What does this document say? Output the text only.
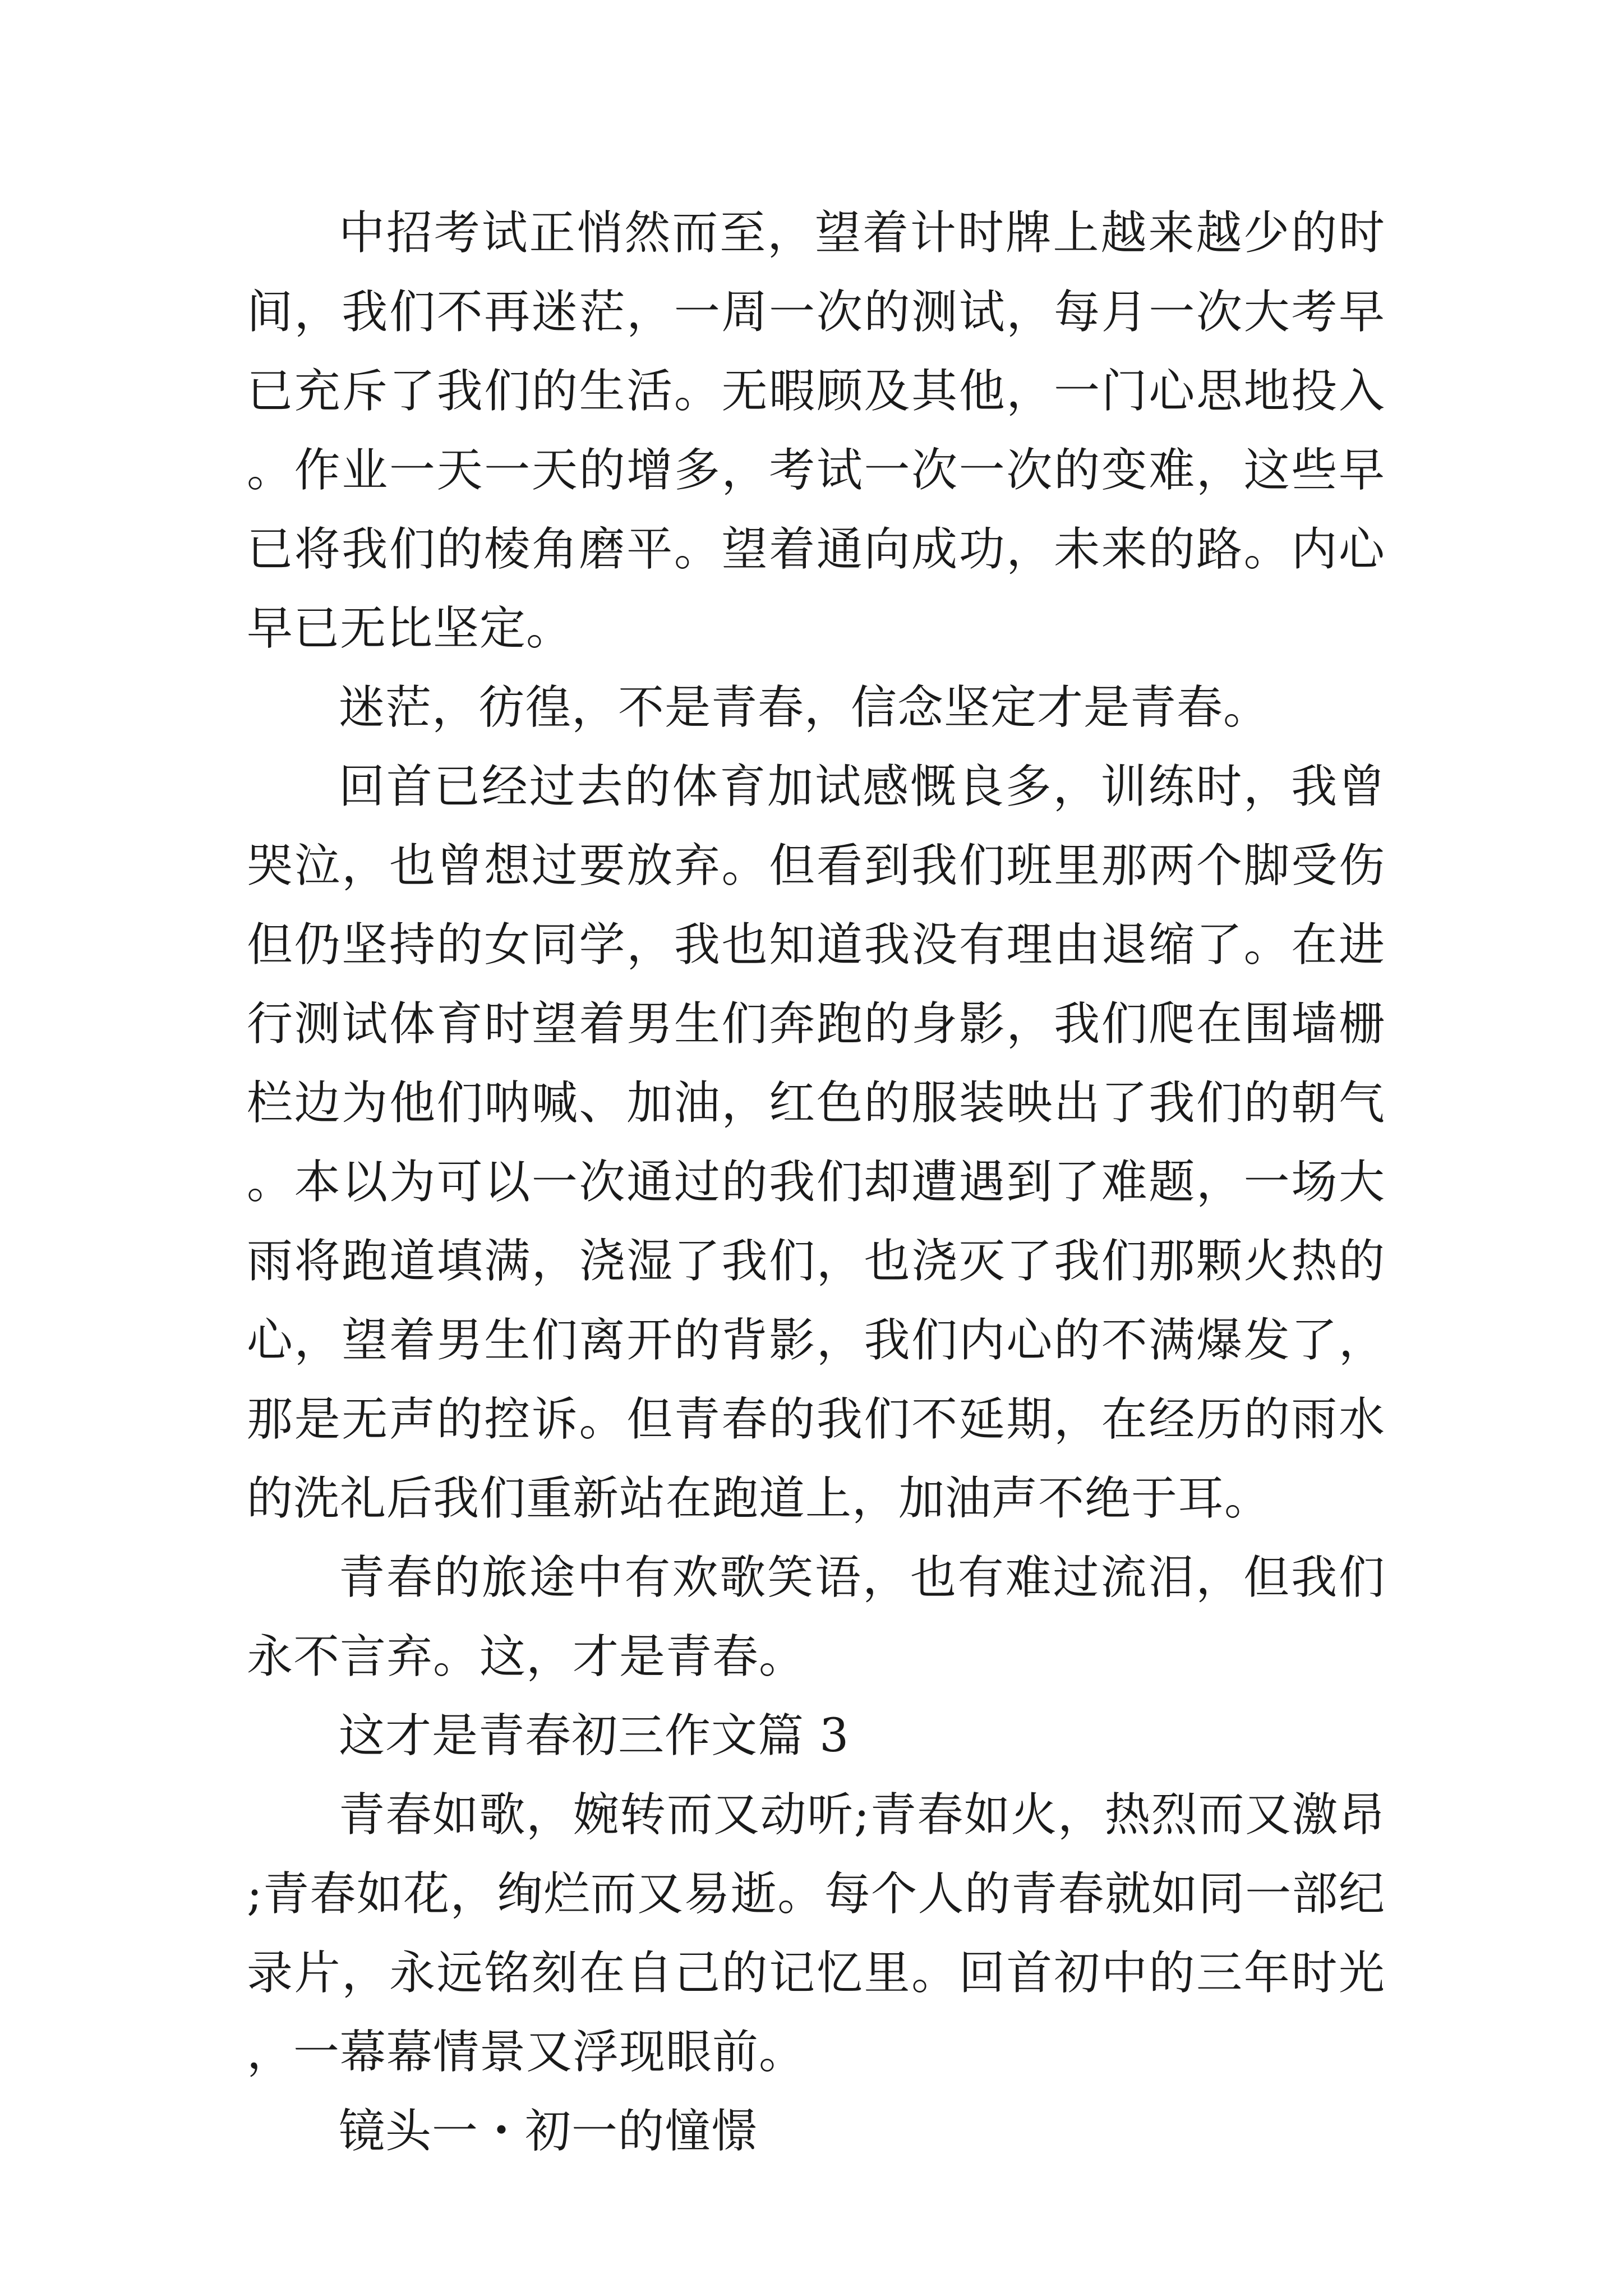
中招考试正悄然而至，望着计时牌上越来越少的时间，我们不再迷茫，一周一次的测试，每月一次大考早已充斥了我们的生活。无暇顾及其他，一门心思地投入。作业一天一天的增多，考试一次一次的变难，这些早已将我们的棱角磨平。望着通向成功，未来的路。内心早已无比坚定。

迷茫，彷徨，不是青春，信念坚定才是青春。

回首已经过去的体育加试感慨良多，训练时，我曾哭泣，也曾想过要放弃。但看到我们班里那两个脚受伤但仍坚持的女同学，我也知道我没有理由退缩了。在进行测试体育时望着男生们奔跑的身影，我们爬在围墙栅栏边为他们呐喊、加油，红色的服装映出了我们的朝气。本以为可以一次通过的我们却遭遇到了难题，一场大雨将跑道填满，浇湿了我们，也浇灭了我们那颗火热的心，望着男生们离开的背影，我们内心的不满爆发了，那是无声的控诉。但青春的我们不延期，在经历的雨水的洗礼后我们重新站在跑道上，加油声不绝于耳。

青春的旅途中有欢歌笑语，也有难过流泪，但我们永不言弃。这，才是青春。

这才是青春初三作文篇 3

青春如歌，婉转而又动听;青春如火，热烈而又激昂;青春如花，绚烂而又易逝。每个人的青春就如同一部纪录片，永远铭刻在自己的记忆里。回首初中的三年时光，一幕幕情景又浮现眼前。

镜头一・初一的憧憬
